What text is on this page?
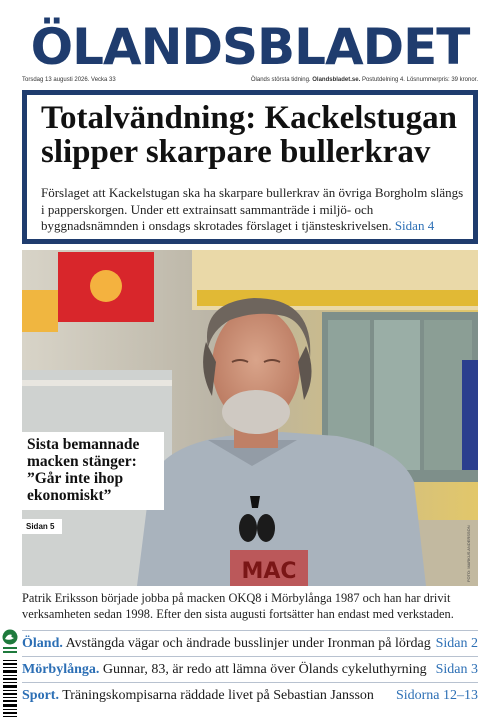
ÖLANDSBLADET
Torsdag 13 augusti 2026. Vecka 33	Ölands största tidning. Olandsbladet.se. Postutdelning 4. Lösnummerpris: 39 kronor.
Totalvändning: Kackelstugan slipper skarpare bullerkrav

Förslaget att Kackelstugan ska ha skarpare bullerkrav än övriga Borgholm slängs i papperskorgen. Under ett extrainsatt sammanträde i miljö- och byggnadsnämnden i onsdags skrotades förslaget i tjänsteskrivelsen. Sidan 4

MAC
Sista bemannade macken stänger: ”Går inte ihop ekonomiskt”
Sidan 5	FOTO: MARKUS ANDERSSON
Patrik Eriksson började jobba på macken OKQ8 i Mörbylånga 1987 och han har drivit verksamheten sedan 1998. Efter den sista augusti fortsätter han endast med verkstaden.
Öland. Avstängda vägar och ändrade busslinjer under Ironman på lördag Sidan 2
Mörbylånga. Gunnar, 83, är redo att lämna över Ölands cykeluthyrning Sidan 3
Sport. Träningskompisarna räddade livet på Sebastian Jansson Sidorna 12–13
